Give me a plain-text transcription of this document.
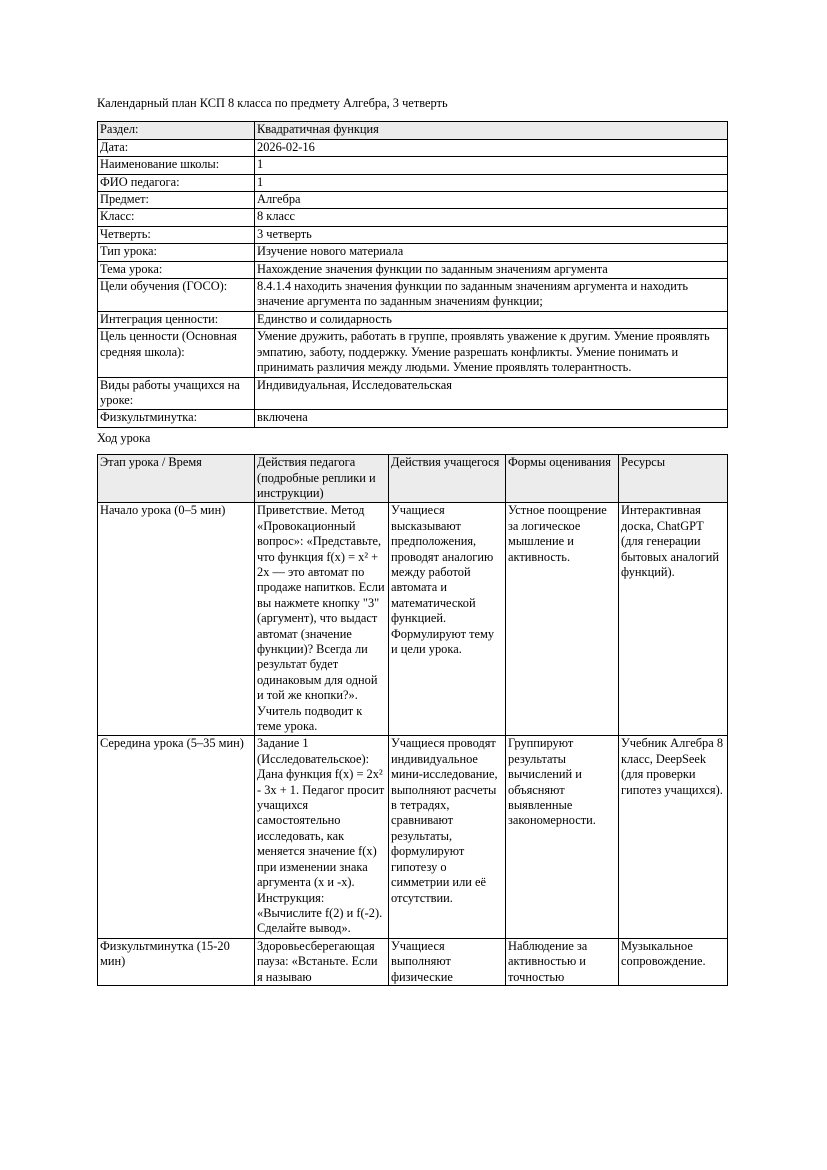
Календарный план КСП 8 класса по предмету Алгебра, 3 четверть

Раздел:	Квадратичная функция
Дата:	2026-02-16
Наименование школы:	1
ФИО педагога:	1
Предмет:	Алгебра
Класс:	8 класс
Четверть:	3 четверть
Тип урока:	Изучение нового материала
Тема урока:	Нахождение значения функции по заданным значениям аргумента
Цели обучения (ГОСО):	8.4.1.4 находить значения функции по заданным значениям аргумента и находить значение аргумента по заданным значениям функции;
Интеграция ценности:	Единство и солидарность
Цель ценности (Основная средняя школа):	Умение дружить, работать в группе, проявлять уважение к другим. Умение проявлять эмпатию, заботу, поддержку. Умение разрешать конфликты. Умение понимать и принимать различия между людьми. Умение проявлять толерантность.
Виды работы учащихся на уроке:	Индивидуальная, Исследовательская
Физкультминутка:	включена

Ход урока

Этап урока / Время	Действия педагога (подробные реплики и инструкции)	Действия учащегося	Формы оценивания	Ресурсы
Начало урока (0–5 мин)	Приветствие. Метод «Провокационный вопрос»: «Представьте, что функция f(x) = x² + 2x — это автомат по продаже напитков. Если вы нажмете кнопку "3" (аргумент), что выдаст автомат (значение функции)? Всегда ли результат будет одинаковым для одной и той же кнопки?». Учитель подводит к теме урока.	Учащиеся высказывают предположения, проводят аналогию между работой автомата и математической функцией. Формулируют тему и цели урока.	Устное поощрение за логическое мышление и активность.	Интерактивная доска, ChatGPT (для генерации бытовых аналогий функций).
Середина урока (5–35 мин)	Задание 1 (Исследовательское): Дана функция f(x) = 2x² - 3x + 1. Педагог просит учащихся самостоятельно исследовать, как меняется значение f(x) при изменении знака аргумента (x и -x). Инструкция: «Вычислите f(2) и f(-2). Сделайте вывод».	Учащиеся проводят индивидуальное мини-исследование, выполняют расчеты в тетрадях, сравнивают результаты, формулируют гипотезу о симметрии или её отсутствии.	Группируют результаты вычислений и объясняют выявленные закономерности.	Учебник Алгебра 8 класс, DeepSeek (для проверки гипотез учащихся).

Физкультминутка (15-20 мин)	Здоровьесберегающая пауза: «Встаньте. Если я называю	Учащиеся выполняют физические	Наблюдение за активностью и точностью	Музыкальное сопровождение.
